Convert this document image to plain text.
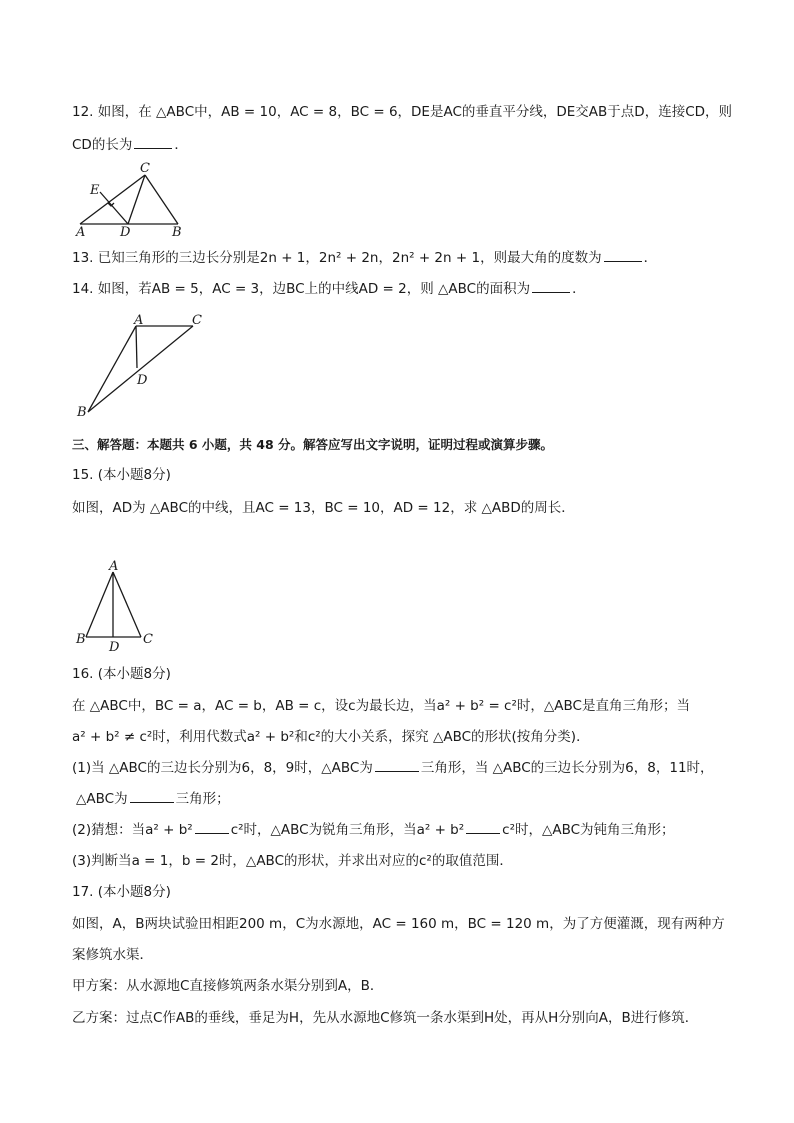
12. 如图，在 △ABC中，AB = 10，AC = 8，BC = 6，DE是AC的垂直平分线，DE交AB于点D，连接CD，则
CD的长为	．
C
E
A	D	B
A	C
D
B
A
B
D
C
13. 已知三角形的三边长分别是2n + 1，2n² + 2n，2n² + 2n + 1，则最大角的度数为	．
14. 如图，若AB = 5，AC = 3，边BC上的中线AD = 2，则 △ABC的面积为	．
三、解答题：本题共 6 小题，共 48 分。解答应写出文字说明，证明过程或演算步骤。
15. (本小题8分)
如图，AD为 △ABC的中线，且AC = 13，BC = 10，AD = 12，求 △ABD的周长．
16. (本小题8分)
在 △ABC中，BC = a，AC = b，AB = c，设c为最长边，当a² + b² = c²时，△ABC是直角三角形；当
a² + b² ≠ c²时，利用代数式a² + b²和c²的大小关系，探究 △ABC的形状(按角分类)．
(1)当 △ABC的三边长分别为6，8，9时，△ABC为	三角形，当 △ABC的三边长分别为6，8，11时，
△ABC为	三角形；
(2)猜想：当a² + b²	c²时，△ABC为锐角三角形，当a² + b²	c²时，△ABC为钝角三角形；
(3)判断当a = 1，b = 2时，△ABC的形状，并求出对应的c²的取值范围．
17. (本小题8分)
如图，A，B两块试验田相距200 m，C为水源地，AC = 160 m，BC = 120 m，为了方便灌溉，现有两种方
案修筑水渠．
甲方案：从水源地C直接修筑两条水渠分别到A，B．
乙方案：过点C作AB的垂线，垂足为H，先从水源地C修筑一条水渠到H处，再从H分别向A，B进行修筑．
